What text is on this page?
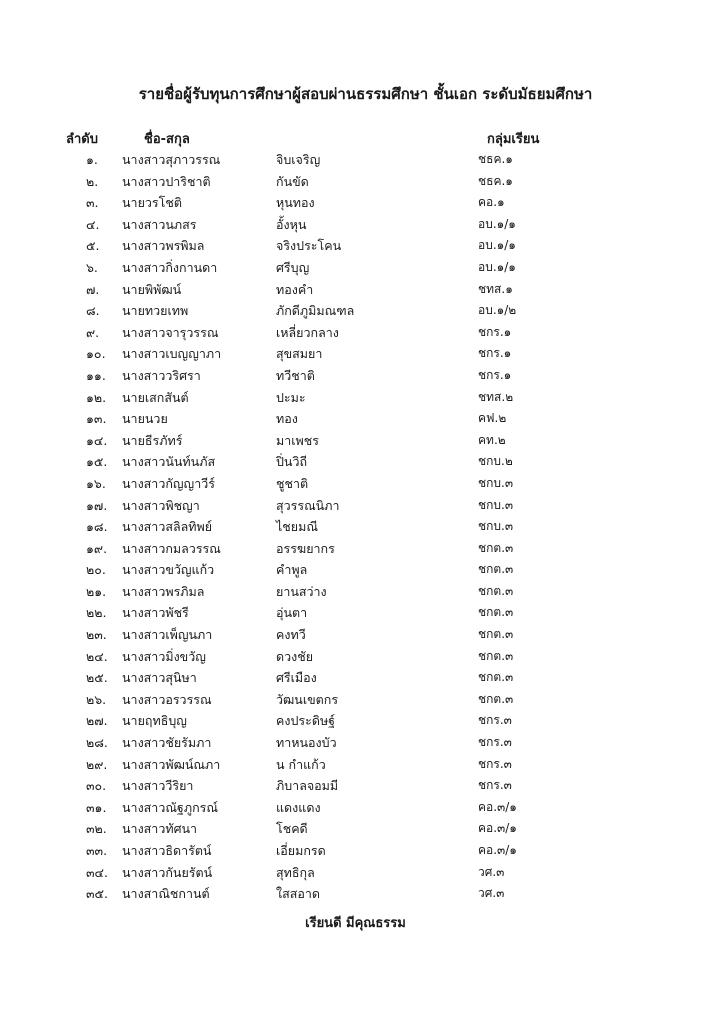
รายชื่อผู้รับทุนการศึกษาผู้สอบผ่านธรรมศึกษา ชั้นเอก ระดับมัธยมศึกษา
ลำดับ	ชื่อ-สกุล	กลุ่มเรียน
๑. นางสาวสุภาวรรณ	จิบเจริญ	ชธค.๑
๒. นางสาวปาริชาติ	กันขัด	ชธค.๑
๓. นายวรโชติ	หุนทอง	คอ.๑
๔. นางสาวนภสร	อั้งหุน	อบ.๑/๑
๕. นางสาวพรพิมล	จริงประโคน	อบ.๑/๑
๖. นางสาวกิ่งกานดา	ศรีบุญ	อบ.๑/๑
๗. นายพิพัฒน์	ทองคำ	ชทส.๑
๘. นายทวยเทพ	ภักดีภูมิมณฑล	อบ.๑/๒
๙. นางสาวจารุวรรณ	เหลี่ยวกลาง	ชกร.๑
๑๐. นางสาวเบญญาภา	สุขสมยา	ชกร.๑
๑๑. นางสาววริศรา	ทวีชาติ	ชกร.๑
๑๒. นายเสกสันต์	ปะมะ	ชทส.๒
๑๓. นายนวย	ทอง	คฟ.๒
๑๔. นายธีรภัทร์	มาเพชร	คท.๒
๑๕. นางสาวนันท์นภัส	ปิ่นวิถี	ชกบ.๒
๑๖. นางสาวกัญญาวีร์	ชูชาติ	ชกบ.๓
๑๗. นางสาวพิชญา	สุวรรณนิภา	ชกบ.๓
๑๘. นางสาวสลิลทิพย์	ไชยมณี	ชกบ.๓
๑๙. นางสาวกมลวรรณ	อรรฆยากร	ชกต.๓
๒๐. นางสาวขวัญแก้ว	คำพูล	ชกต.๓
๒๑. นางสาวพรภิมล	ยานสว่าง	ชกต.๓
๒๒. นางสาวพัชรี	อุ่นตา	ชกต.๓
๒๓. นางสาวเพ็ญนภา	คงทวี	ชกต.๓
๒๔. นางสาวมิ่งขวัญ	ดวงชัย	ชกต.๓
๒๕. นางสาวสุนิษา	ศรีเมือง	ชกต.๓
๒๖. นางสาวอรวรรณ	วัฒนเขตกร	ชกต.๓
๒๗. นายฤทธิบุญ	คงประดิษฐ์	ชกร.๓
๒๘. นางสาวชัยรัมภา	ทาหนองบัว	ชกร.๓
๒๙. นางสาวพัฒน์ณภา	น กำแก้ว	ชกร.๓
๓๐. นางสาววีริยา	ภิบาลจอมมี	ชกร.๓
๓๑. นางสาวณัฐภูกรณ์	แดงแดง	คอ.๓/๑
๓๒. นางสาวทัศนา	โชคดี	คอ.๓/๑
๓๓. นางสาวธิดารัตน์	เอี่ยมกรด	คอ.๓/๑
๓๔. นางสาวกันยรัตน์	สุทธิกุล	วศ.๓
๓๕. นางสาณิชกานต์	ใสสอาด	วศ.๓
เรียนดี มีคุณธรรม
